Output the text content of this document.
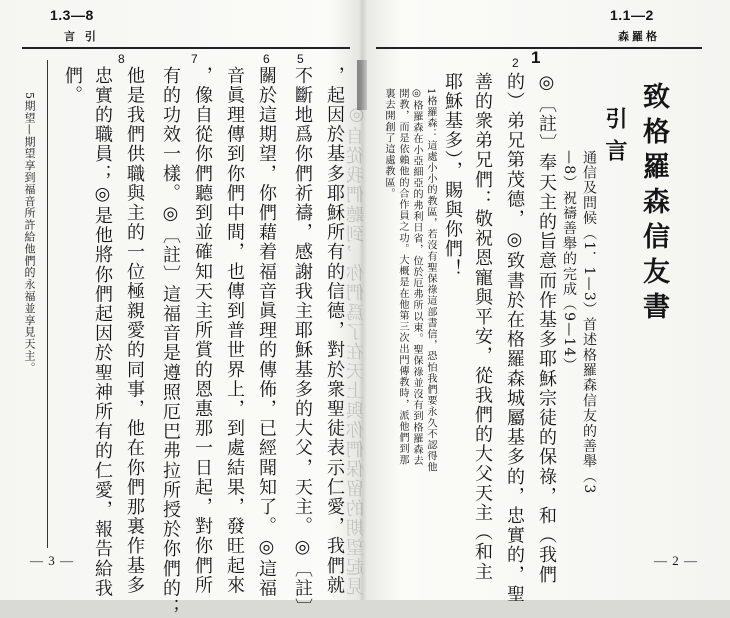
1.3—8
言 引
8	7	6 5
，起因於基多耶穌所有的信德，對於衆聖徒表示仁愛，我們就
不斷地爲你們祈禱，感謝我主耶穌基多的大父，天主。◎〔註〕
關於這期望，你們藉着福音眞理的傳佈，已經聞知了。◎這福
音眞理傳到你們中間，也傳到普世界上，到處結果，發旺起來
，像自從你們聽到並確知天主所賞的恩惠那一日起，對你們所
有的功效一樣。◎〔註〕這福音是遵照厄巴弗拉所授於你們的；
他是我們供職與主的一位極親愛的同事，他在你們那裏作基多
忠實的職員；◎是他將你們起因於聖神所有的仁愛，報告給我
們。
5期望—期望享到福音所許給他們的永福並享見天主。
— 3 —
1.1—2
森羅格
致格羅森信友書
引言
通信及問候（1．1—3）首述格羅森信友的善舉（3
—8）祝禱善舉的完成（9—14）
1
2
◎〔註〕奉天主的旨意而作基多耶穌宗徒的保祿，和（我們
的）弟兄第茂德，◎致書於在格羅森城屬基多的，忠實的，聖
善的衆弟兄們：敬祝恩寵與平安，從我們的大父天主（和主
耶穌基多），賜與你們！
1格羅森：這處小小的教區，若沒有聖保祿這部書信，恐怕我們要永久不認得他
◎格羅森在小亞細亞的弗利日省，位於厄弗所以東。聖保祿並沒有到格羅森去
開教，而是依賴他的合作員之功。大概是在他第三次出門傳教時，派他們到那
裏去開創了這處教區。
◎自從我們聽到，你們爲了在天上與你們保留的期望起見	— 2 —
